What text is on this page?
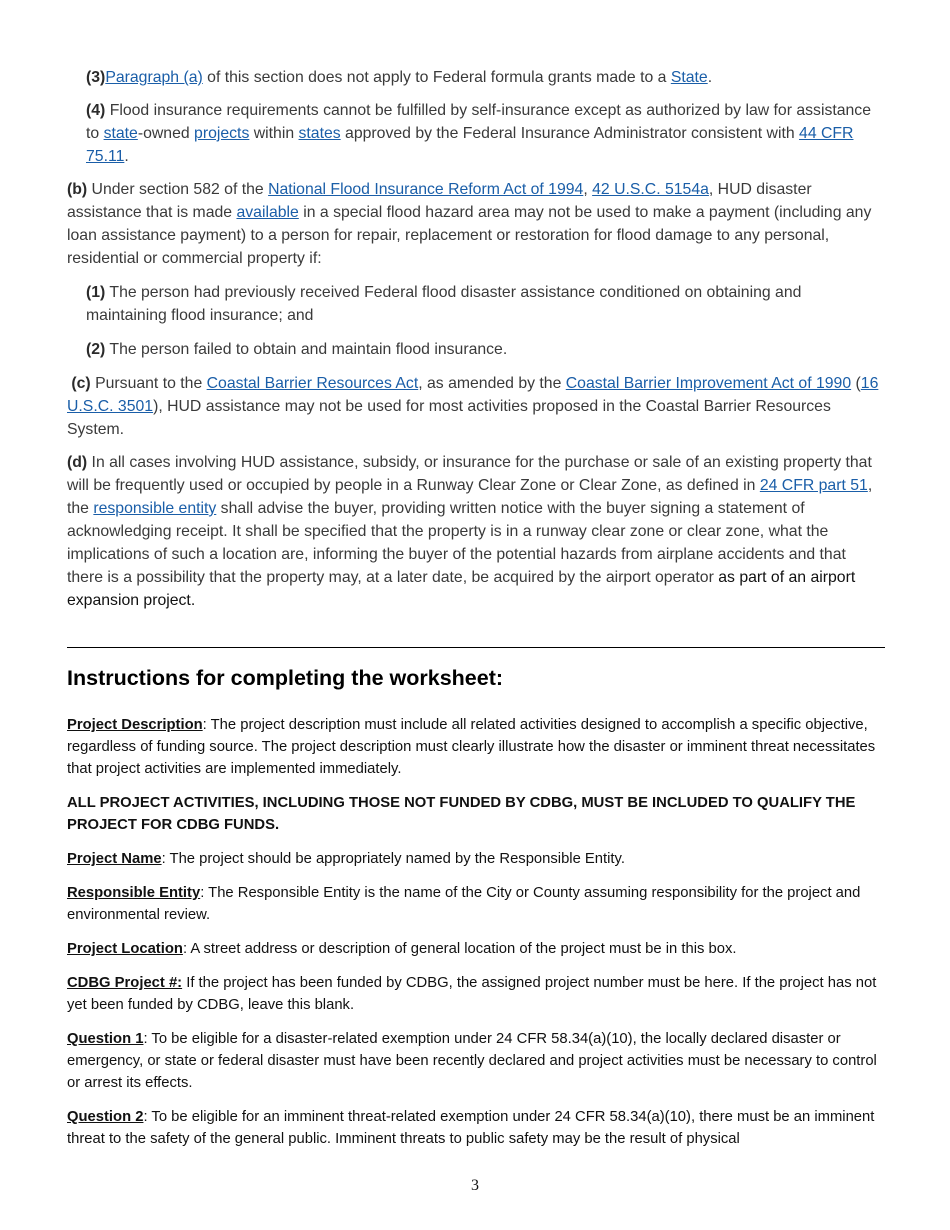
(3)Paragraph (a) of this section does not apply to Federal formula grants made to a State.

(4) Flood insurance requirements cannot be fulfilled by self-insurance except as authorized by law for assistance to state-owned projects within states approved by the Federal Insurance Administrator consistent with 44 CFR 75.11.

(b) Under section 582 of the National Flood Insurance Reform Act of 1994, 42 U.S.C. 5154a, HUD disaster assistance that is made available in a special flood hazard area may not be used to make a payment (including any loan assistance payment) to a person for repair, replacement or restoration for flood damage to any personal, residential or commercial property if:

(1) The person had previously received Federal flood disaster assistance conditioned on obtaining and maintaining flood insurance; and

(2) The person failed to obtain and maintain flood insurance.

(c) Pursuant to the Coastal Barrier Resources Act, as amended by the Coastal Barrier Improvement Act of 1990 (16 U.S.C. 3501), HUD assistance may not be used for most activities proposed in the Coastal Barrier Resources System.

(d) In all cases involving HUD assistance, subsidy, or insurance for the purchase or sale of an existing property that will be frequently used or occupied by people in a Runway Clear Zone or Clear Zone, as defined in 24 CFR part 51, the responsible entity shall advise the buyer, providing written notice with the buyer signing a statement of acknowledging receipt. It shall be specified that the property is in a runway clear zone or clear zone, what the implications of such a location are, informing the buyer of the potential hazards from airplane accidents and that there is a possibility that the property may, at a later date, be acquired by the airport operator as part of an airport expansion project.

Instructions for completing the worksheet:

Project Description: The project description must include all related activities designed to accomplish a specific objective, regardless of funding source. The project description must clearly illustrate how the disaster or imminent threat necessitates that project activities are implemented immediately.

ALL PROJECT ACTIVITIES, INCLUDING THOSE NOT FUNDED BY CDBG, MUST BE INCLUDED TO QUALIFY THE PROJECT FOR CDBG FUNDS.

Project Name: The project should be appropriately named by the Responsible Entity.

Responsible Entity: The Responsible Entity is the name of the City or County assuming responsibility for the project and environmental review.

Project Location: A street address or description of general location of the project must be in this box.

CDBG Project #: If the project has been funded by CDBG, the assigned project number must be here. If the project has not yet been funded by CDBG, leave this blank.

Question 1: To be eligible for a disaster-related exemption under 24 CFR 58.34(a)(10), the locally declared disaster or emergency, or state or federal disaster must have been recently declared and project activities must be necessary to control or arrest its effects.

Question 2: To be eligible for an imminent threat-related exemption under 24 CFR 58.34(a)(10), there must be an imminent threat to the safety of the general public. Imminent threats to public safety may be the result of physical

3
